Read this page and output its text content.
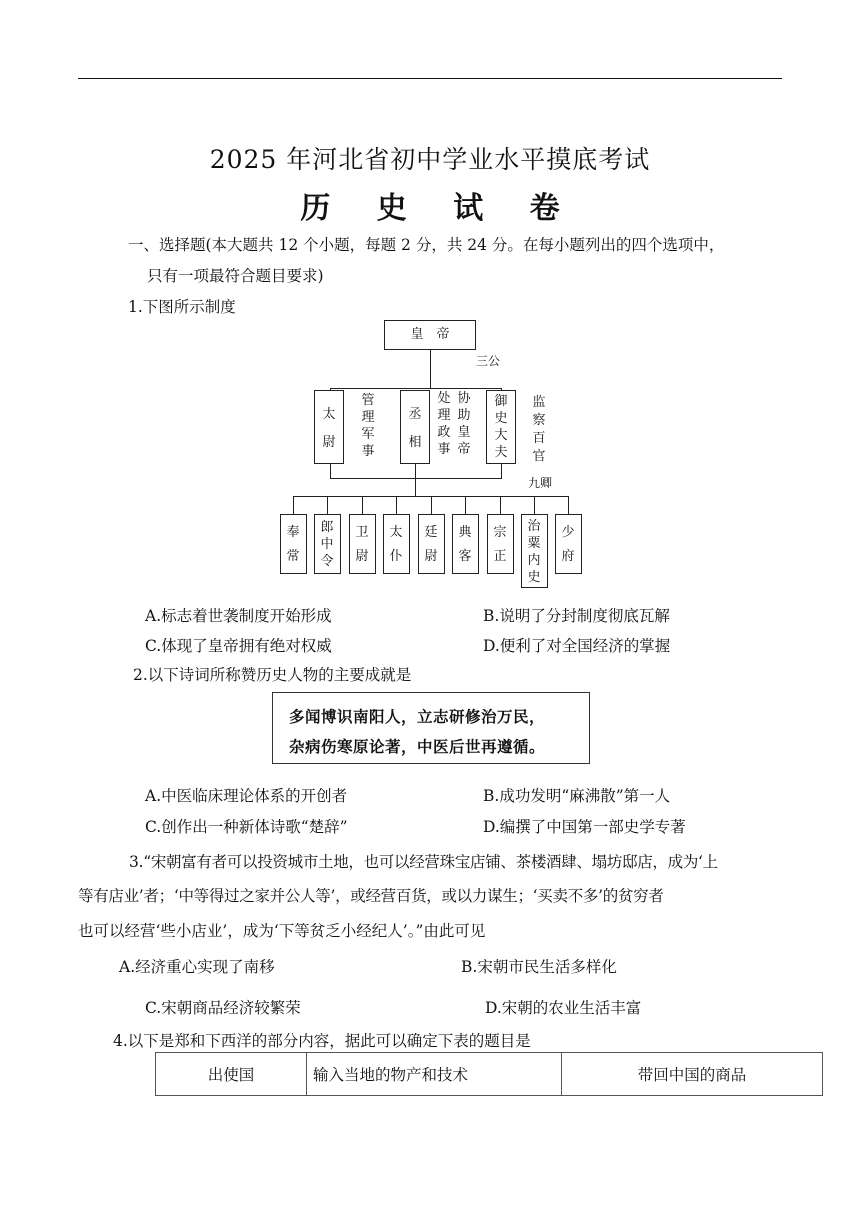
2025 年河北省初中学业水平摸底考试
历 史 试 卷
一、选择题(本大题共 12 个小题，每题 2 分，共 24 分。在每小题列出的四个选项中，
只有一项最符合题目要求)
1.下图所示制度
皇　帝
三公
太尉
管理军事
丞相
处理政事
协助皇帝
御史大夫
监察百官
九卿
奉常
郎中令
卫尉
太仆
廷尉
典客
宗正
治粟内史
少府
A.标志着世袭制度开始形成	B.说明了分封制度彻底瓦解
C.体现了皇帝拥有绝对权威	D.便利了对全国经济的掌握
2.以下诗词所称赞历史人物的主要成就是
多闻博识南阳人，立志研修治万民，
杂病伤寒原论著，中医后世再遵循。
A.中医临床理论体系的开创者	B.成功发明“麻沸散”第一人
C.创作出一种新体诗歌“楚辞”	D.编撰了中国第一部史学专著
3.“宋朝富有者可以投资城市土地，也可以经营珠宝店铺、茶楼酒肆、塌坊邸店，成为‘上
等有店业’者；‘中等得过之家并公人等’，或经营百货，或以力谋生；‘买卖不多’的贫穷者
也可以经营‘些小店业’，成为‘下等贫乏小经纪人’。”由此可见
A.经济重心实现了南移	B.宋朝市民生活多样化
C.宋朝商品经济较繁荣	D.宋朝的农业生活丰富
4.以下是郑和下西洋的部分内容，据此可以确定下表的题目是
出使国	输入当地的物产和技术	带回中国的商品
